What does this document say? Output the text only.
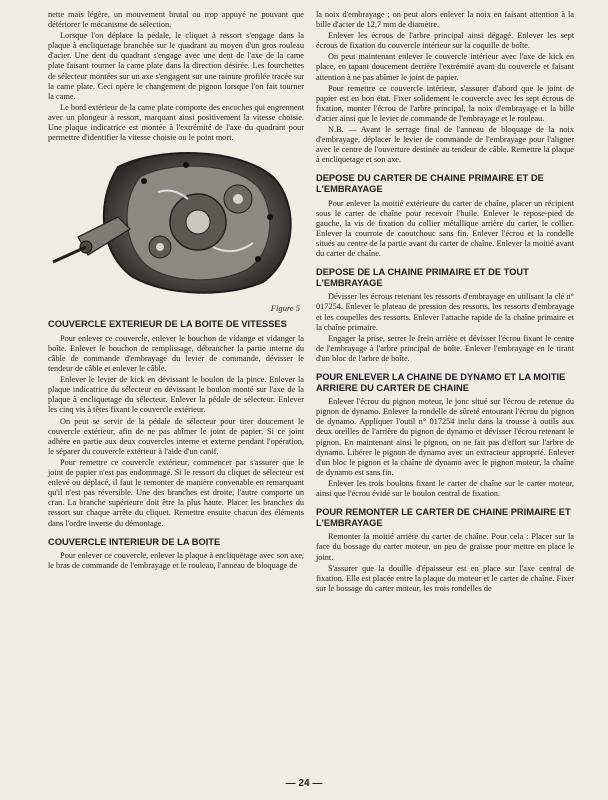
nette mais légère, un mouvement brutal ou trop appuyé ne pouvant que détériorer le mécanisme de sélection.

Lorsque l'on déplace la pédale, le cliquet à ressort s'engage dans la plaque à encliquetage branchée sur le quadrant au moyen d'un gros rouleau d'acier. Une dent du quadrant s'engage avec une dent de l'axe de la came plate faisant tourner la came plate dans la direction désirée. Les fourchettes de sélecteur montées sur un axe s'engagent sur une rainure profilée tracée sur la came plate. Ceci opère le changement de pignon lorsque l'on fait tourner la came.

Le bord extérieur de la came plate comporte des encoches qui engrennent avec un plongeur à ressort, marquant ainsi positivement la vitesse choisie. Une plaque indicatrice est montée à l'extrémité de l'axe du quadrant pour permettre d'identifier la vitesse choisie ou le point mort.

Figure 5
COUVERCLE EXTERIEUR DE LA BOITE DE VITESSES

Pour enlever ce couvercle, enlever le bouchon de vidange et vidanger la boîte. Enlever le bouchon de remplissage, débrancher la partie interne du câble de commande d'embrayage du levier de commande, dévisser le tendeur de câble et enlever le câble.

Enlever le levier de kick en dévissant le boulon de la pince. Enlever la plaque indicatrice du sélecteur en dévissant le boulon monté sur l'axe de la plaque à encliquetage du sélecteur. Enlever la pédale de sélecteur. Enlever les cinq vis à têtes fixant le couvercle extérieur.

On peut se servir de la pédale de sélecteur pour tirer doucement le couvercle extérieur, afin de ne pas abîmer le joint de papier. Si ce joint adhère en partie aux deux couvercles interne et externe pendant l'opération, le séparer du couvercle extérieur à l'aide d'un canif.

Pour remettre ce couvercle extérieur, commencer par s'assurer que le joint de papier n'est pas endommagé. Si le ressort du cliquet de sélecteur est enlevé ou déplacé, il faut le remonter de manière convenable en remarquant qu'il n'est pas réversible. Une des branches est droite, l'autre comporte un cran. La branche supérieure doit être la plus haute. Placer les branches du ressort sur chaque arrête du cliquet. Remettre ensuite chacun des éléments dans l'ordre inverse du démontage.

COUVERCLE INTERIEUR DE LA BOITE

Pour enlever ce couvercle, enlever la plaque à encliquetage avec son axe, le bras de commande de l'embrayage et le rouleau, l'anneau de bloquage de

la noix d'embrayage ; on peut alors enlever la noix en faisant attention à la bille d'acier de 12,7 mm de diamètre.

Enlever les écrous de l'arbre principal ainsi dégagé. Enlever les sept écrous de fixation du couvercle intérieur sur la coquille de boîte.

On peut maintenant enlever le couvercle intérieur avec l'axe de kick en place, en tapant doucement derrière l'extrémité avant du couvercle et faisant attention à ne pas abîmer le joint de papier.

Pour remettre ce couvercle intérieur, s'assurer d'abord que le joint de papier est en bon état. Fixer solidement le couvercle avec les sept écrous de fixation, monter l'écrou de l'arbre principal, la noix d'embrayage et la bille d'acier ainsi que le levier de commande de l'embrayage et le rouleau.

N.B. — Avant le serrage final de l'anneau de bloquage de la noix d'embrayage, déplacer le levier de commande de l'embrayage pour l'aligner avec le centre de l'ouverture destinée au tendeur de câble. Remettre la plaque à encliquetage et son axe.

DEPOSE DU CARTER DE CHAINE PRIMAIRE ET DE L'EMBRAYAGE

Pour enlever la moitié extérieure du carter de chaîne, placer un récipient sous le carter de chaîne pour recevoir l'huile. Enlever le repose-pied de gauche, la vis de fixation du collier métallique arrière du carter, le collier. Enlever la courroie de caoutchouc sans fin. Enlever l'écrou et la rondelle situés au centre de la partie avant du carter de chaîne. Enlever la moitié avant du carter de chaîne.

DEPOSE DE LA CHAINE PRIMAIRE ET DE TOUT L'EMBRAYAGE

Dévisser les écrous retenant les ressorts d'embrayage en utilisant la clé n° 017254. Enlever le plateau de pression des ressorts, les ressorts d'embrayage et les coupelles des ressorts. Enlever l'attache rapide de la chaîne primaire et la chaîne primaire.

Engager la prise, serrer le frein arrière et dévisser l'écrou fixant le centre de l'embrayage à l'arbre principal de boîte. Enlever l'embrayage en le tirant d'un bloc de l'arbre de boîte.

POUR ENLEVER LA CHAINE DE DYNAMO ET LA MOITIE ARRIERE DU CARTER DE CHAINE

Enlever l'écrou du pignon moteur, le jonc situé sur l'écrou de retenue du pignon de dynamo. Enlever la rondelle de sûreté entourant l'écrou du pignon de dynamo. Appliquer l'outil n° 017254 inclu dans la trousse à outils aux deux oreilles de l'arrière du pignon de dynamo et dévisser l'écrou retenant le pignon. En maintenant ainsi le pignon, on ne fait pas d'effort sur l'arbre de dynamo. Libérer le pignon de dynamo avec un extracteur approprié. Enlever d'un bloc le pignon et la chaîne de dynamo avec le pignon moteur, la chaîne de dynamo est sans fin.

Enlever les trois boulons fixant le carter de chaîne sur le carter moteur, ainsi que l'écrou évidé sur le boulon central de fixation.

POUR REMONTER LE CARTER DE CHAINE PRIMAIRE ET L'EMBRAYAGE

Remonter la moitié arrière du carter de chaîne. Pour cela : Placer sur la face du bossage du carter moteur, un peu de graisse pour mettre en place le joint.

S'assurer que la douille d'épaisseur est en place sur l'axe central de fixation. Elle est placée entre la plaque du moteur et le carter de chaîne. Fixer sur le bossage du carter moteur, les trois rondelles de

— 24 —
